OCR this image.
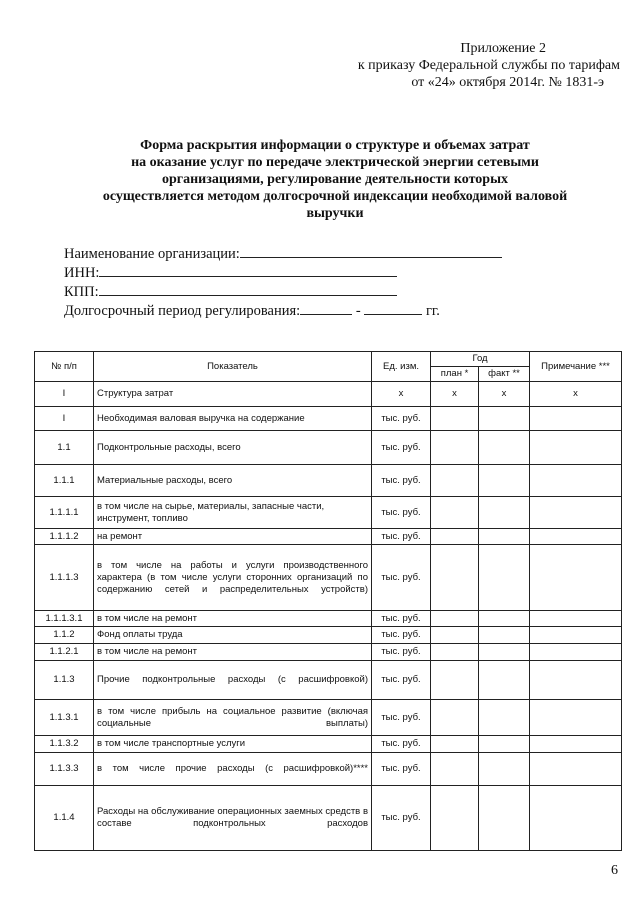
Приложение 2
к приказу Федеральной службы по тарифам
от «24» октября 2014г. № 1831-э
Форма раскрытия информации о структуре и объемах затрат
на оказание услуг по передаче электрической энергии сетевыми
организациями, регулирование деятельности которых
осуществляется методом долгосрочной индексации необходимой валовой
выручки
Наименование организации:
ИНН:
КПП:
Долгосрочный период регулирования:	-	гг.
№ п/п	Показатель	Ед. изм.	Год		Примечание ***
			план *	факт **	
I	Структура затрат	x	x	x	x
I	Необходимая валовая выручка на содержание	тыс. руб.			
1.1	Подконтрольные расходы, всего	тыс. руб.			
1.1.1	Материальные расходы, всего	тыс. руб.			
1.1.1.1	в том числе на сырье, материалы, запасные части, инструмент, топливо	тыс. руб.			
1.1.1.2	на ремонт	тыс. руб.			
1.1.1.3	в том числе на работы и услуги производственного характера (в том числе услуги сторонних организаций по содержанию сетей и распределительных устройств)	тыс. руб.			
1.1.1.3.1	в том числе на ремонт	тыс. руб.			
1.1.2	Фонд оплаты труда	тыс. руб.			
1.1.2.1	в том числе на ремонт	тыс. руб.			
1.1.3	Прочие подконтрольные расходы (с расшифровкой)	тыс. руб.			
1.1.3.1	в том числе прибыль на социальное развитие (включая социальные выплаты)	тыс. руб.			
1.1.3.2	в том числе транспортные услуги	тыс. руб.			
1.1.3.3	в том числе прочие расходы (с расшифровкой)****	тыс. руб.			
1.1.4	Расходы на обслуживание операционных заемных средств в составе подконтрольных расходов	тыс. руб.			
6
